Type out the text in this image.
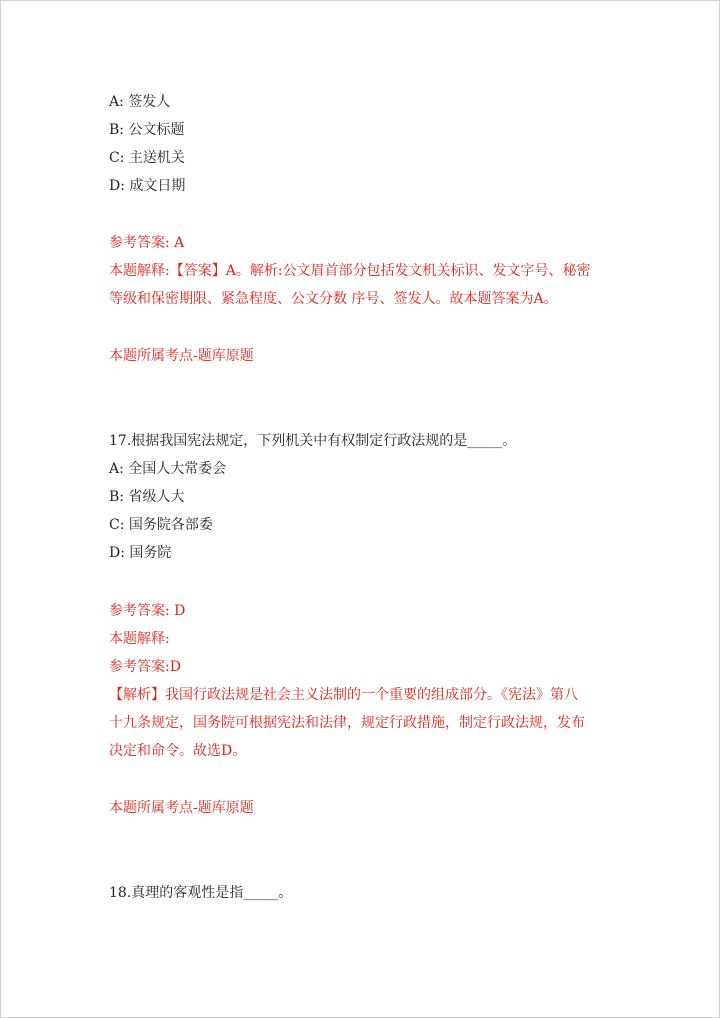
A: 签发人
B: 公文标题
C: 主送机关
D: 成文日期
参考答案: A
本题解释:【答案】A。解析:公文眉首部分包括发文机关标识、发文字号、秘密
等级和保密期限、紧急程度、公文分数 序号、签发人。故本题答案为A。
本题所属考点-题库原题
17.根据我国宪法规定，下列机关中有权制定行政法规的是_____。
A: 全国人大常委会
B: 省级人大
C: 国务院各部委
D: 国务院
参考答案: D
本题解释:
参考答案:D
【解析】我国行政法规是社会主义法制的一个重要的组成部分。《宪法》第八
十九条规定，国务院可根据宪法和法律，规定行政措施，制定行政法规，发布
决定和命令。故选D。
本题所属考点-题库原题
18.真理的客观性是指_____。
